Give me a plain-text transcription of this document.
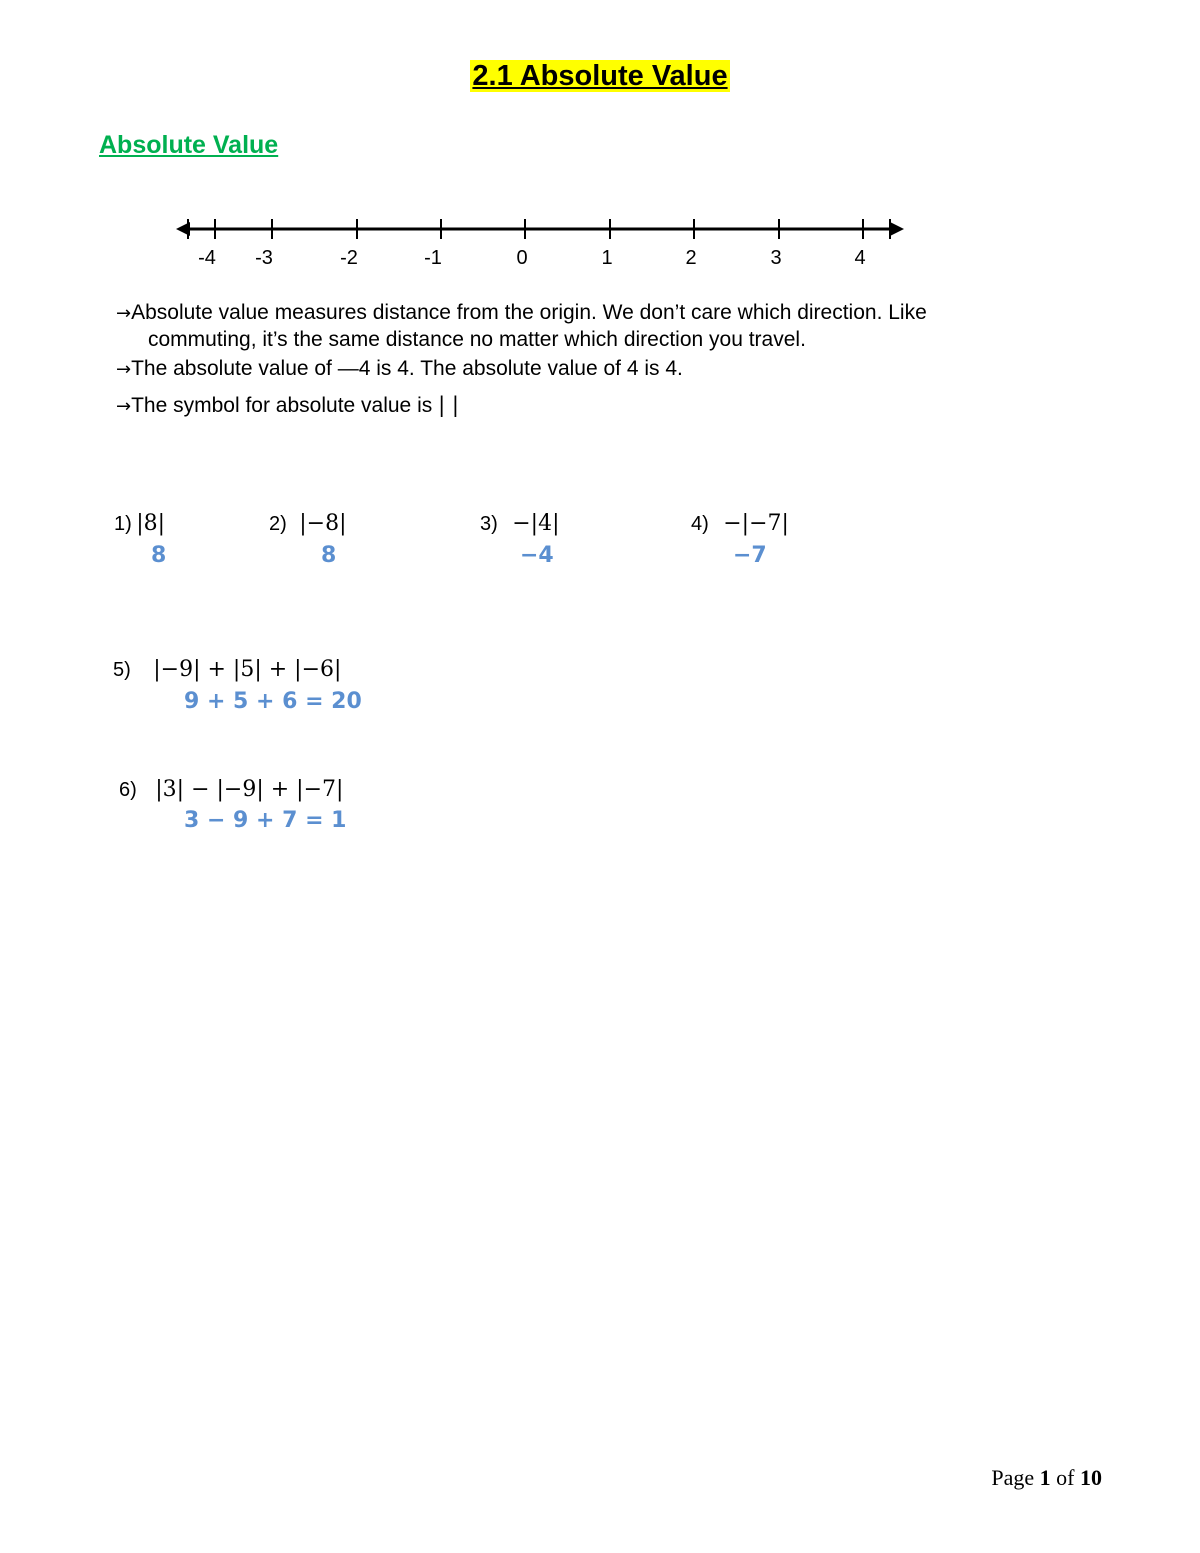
2.1 Absolute Value
Absolute Value
-4 -3	-2	-1	0	1	2	3	4
→Absolute value measures distance from the origin. We don’t care which direction. Like
commuting, it’s the same distance no matter which direction you travel.
→The absolute value of —4 is 4. The absolute value of 4 is 4.
→The symbol for absolute value is | |
1) |8|
8
2) |−8|
8
3) −|4|
−4
4) −|−7|
−7
5) |−9| + |5| + |−6|
9 + 5 + 6 = 20
6) |3| − |−9| + |−7|
3 − 9 + 7 = 1
Page 1 of 10
